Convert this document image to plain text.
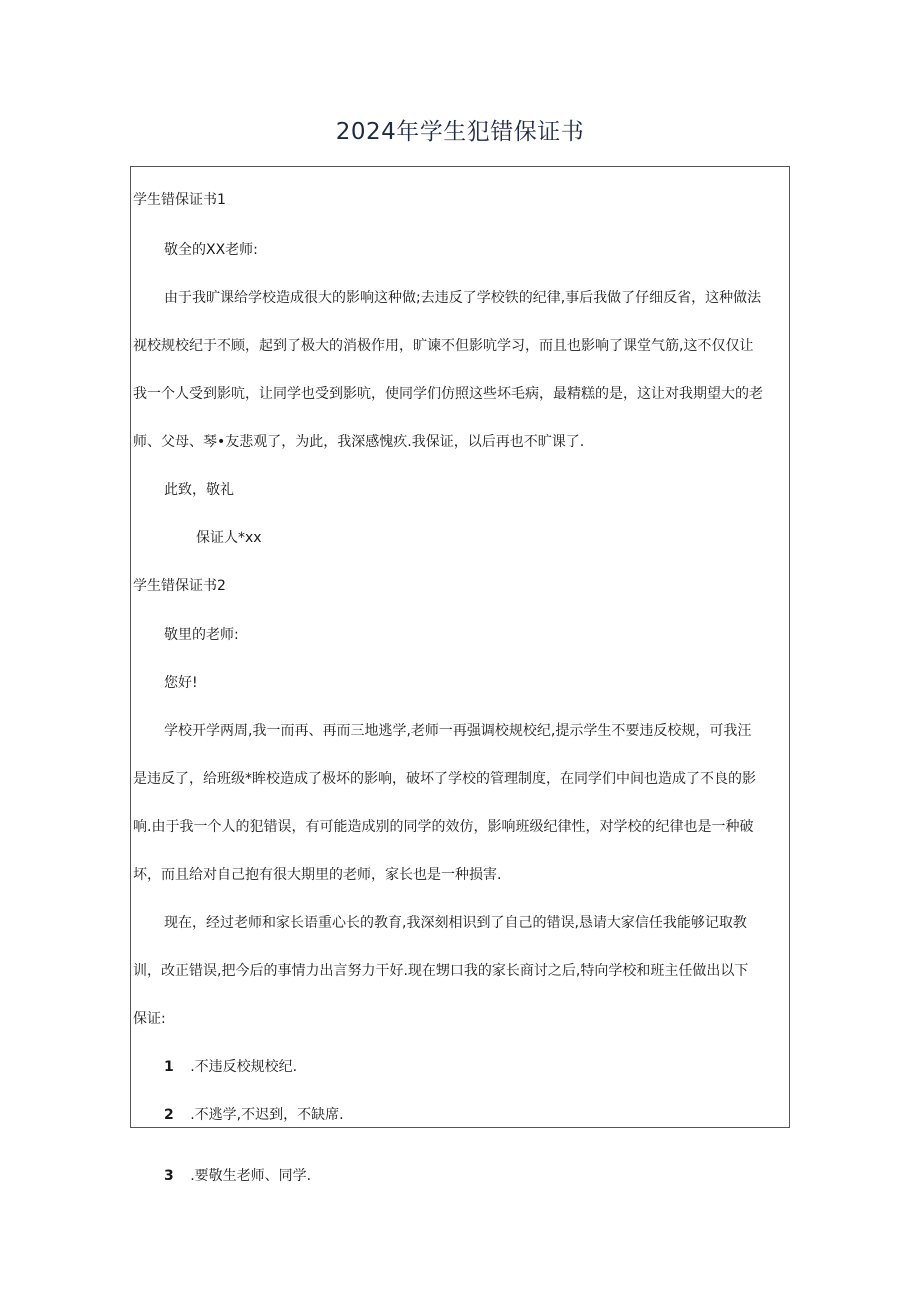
2024年学生犯错保证书
学生错保证书1
敬全的XX老师:
由于我旷课给学校造成很大的影响这种做;去违反了学校铁的纪律,事后我做了仔细反省，这种做法
视校规校纪于不顾，起到了极大的消极作用，旷谏不但影吭学习，而且也影响了课堂气筋,这不仅仅让
我一个人受到影吭，让同学也受到影吭，使同学们仿照这些坏毛病，最精糕的是，这让对我期望大的老
师、父母、琴•友悲观了，为此，我深感愧疚.我保证，以后再也不旷课了.
此致，敬礼
保证人*xx
学生错保证书2
敬里的老师:
您好!
学校开学两周,我一而再、再而三地逃学,老师一再强调校规校纪,提示学生不要违反校规，可我汪
是违反了，给班级*眸校造成了极坏的影响，破坏了学校的管理制度，在同学们中间也造成了不良的影
响.由于我一个人的犯错误，有可能造成别的同学的效仿，影响班级纪律性，对学校的纪律也是一种破
坏，而且给对自己抱有很大期里的老师，家长也是一种损害.
现在，经过老师和家长语重心长的教育,我深刻相识到了自己的错误,恳请大家信任我能够记取教
训，改正错误,把今后的事情力出言努力干好.现在甥口我的家长商讨之后,特向学校和班主任做出以下
保证:
1 .不违反校规校纪.
2 .不逃学,不迟到，不缺席.
3 .要敬生老师、同学.
